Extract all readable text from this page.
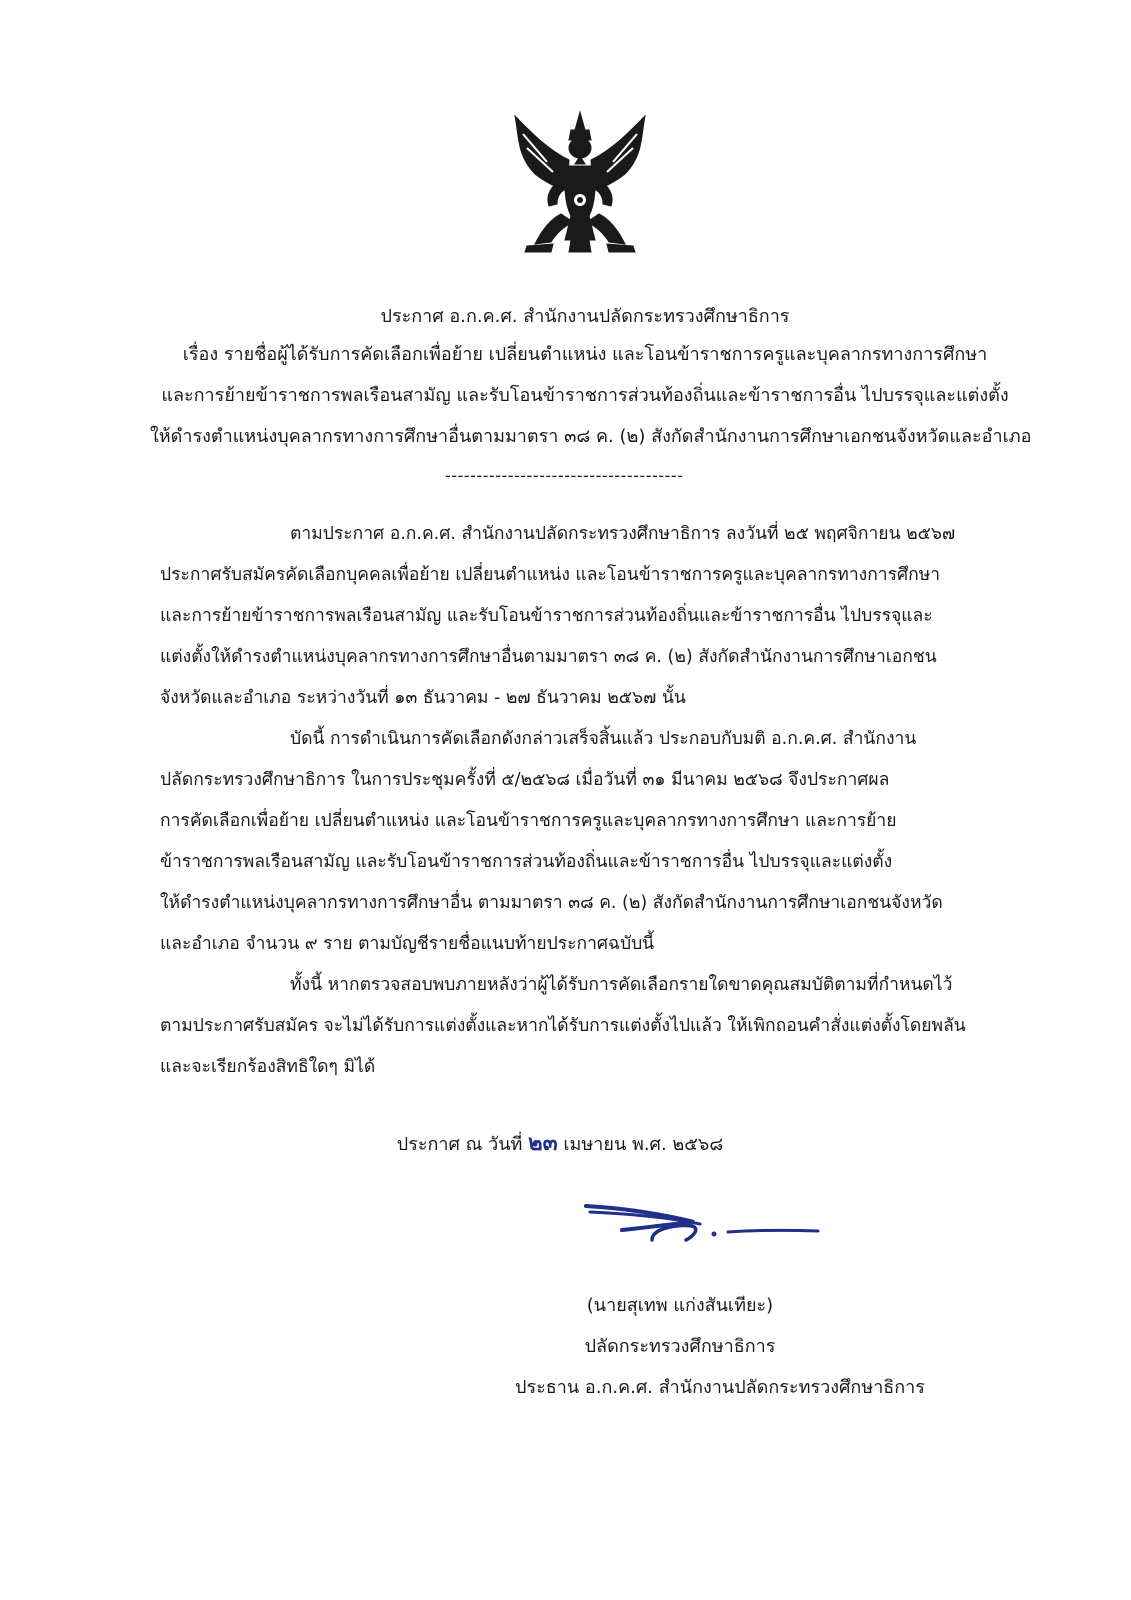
ประกาศ อ.ก.ค.ศ. สำนักงานปลัดกระทรวงศึกษาธิการ
เรื่อง รายชื่อผู้ได้รับการคัดเลือกเพื่อย้าย เปลี่ยนตำแหน่ง และโอนข้าราชการครูและบุคลากรทางการศึกษา
และการย้ายข้าราชการพลเรือนสามัญ และรับโอนข้าราชการส่วนท้องถิ่นและข้าราชการอื่น ไปบรรจุและแต่งตั้ง
ให้ดำรงตำแหน่งบุคลากรทางการศึกษาอื่นตามมาตรา ๓๘ ค. (๒) สังกัดสำนักงานการศึกษาเอกชนจังหวัดและอำเภอ
--------------------------------------
ตามประกาศ อ.ก.ค.ศ. สำนักงานปลัดกระทรวงศึกษาธิการ ลงวันที่ ๒๕ พฤศจิกายน ๒๕๖๗
ประกาศรับสมัครคัดเลือกบุคคลเพื่อย้าย เปลี่ยนตำแหน่ง และโอนข้าราชการครูและบุคลากรทางการศึกษา
และการย้ายข้าราชการพลเรือนสามัญ และรับโอนข้าราชการส่วนท้องถิ่นและข้าราชการอื่น ไปบรรจุและ
แต่งตั้งให้ดำรงตำแหน่งบุคลากรทางการศึกษาอื่นตามมาตรา ๓๘ ค. (๒) สังกัดสำนักงานการศึกษาเอกชน
จังหวัดและอำเภอ ระหว่างวันที่ ๑๓ ธันวาคม - ๒๗ ธันวาคม ๒๕๖๗ นั้น
บัดนี้ การดำเนินการคัดเลือกดังกล่าวเสร็จสิ้นแล้ว ประกอบกับมติ อ.ก.ค.ศ. สำนักงาน
ปลัดกระทรวงศึกษาธิการ ในการประชุมครั้งที่ ๕/๒๕๖๘ เมื่อวันที่ ๓๑ มีนาคม ๒๕๖๘ จึงประกาศผล
การคัดเลือกเพื่อย้าย เปลี่ยนตำแหน่ง และโอนข้าราชการครูและบุคลากรทางการศึกษา และการย้าย
ข้าราชการพลเรือนสามัญ และรับโอนข้าราชการส่วนท้องถิ่นและข้าราชการอื่น ไปบรรจุและแต่งตั้ง
ให้ดำรงตำแหน่งบุคลากรทางการศึกษาอื่น ตามมาตรา ๓๘ ค. (๒) สังกัดสำนักงานการศึกษาเอกชนจังหวัด
และอำเภอ จำนวน ๙ ราย ตามบัญชีรายชื่อแนบท้ายประกาศฉบับนี้
ทั้งนี้ หากตรวจสอบพบภายหลังว่าผู้ได้รับการคัดเลือกรายใดขาดคุณสมบัติตามที่กำหนดไว้
ตามประกาศรับสมัคร จะไม่ได้รับการแต่งตั้งและหากได้รับการแต่งตั้งไปแล้ว ให้เพิกถอนคำสั่งแต่งตั้งโดยพลัน
และจะเรียกร้องสิทธิใดๆ มิได้
ประกาศ ณ วันที่ ๒๓ เมษายน พ.ศ. ๒๕๖๘
(นายสุเทพ แก่งสันเทียะ)
ปลัดกระทรวงศึกษาธิการ
ประธาน อ.ก.ค.ศ. สำนักงานปลัดกระทรวงศึกษาธิการ
